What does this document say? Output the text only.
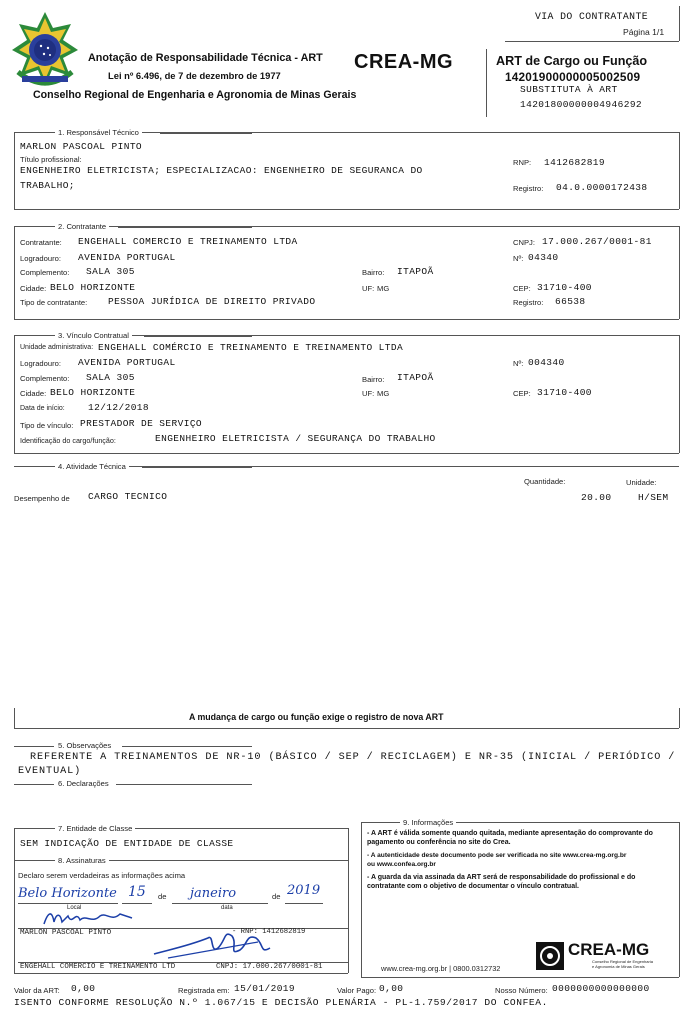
Anotação de Responsabilidade Técnica - ART
Lei nº 6.496, de 7 de dezembro de 1977
Conselho Regional de Engenharia e Agronomia de Minas Gerais
CREA-MG
VIA DO CONTRATANTE
Página 1/1
ART de Cargo ou Função
14201900000005002509
SUBSTITUTA À ART
14201800000004946292
1. Responsável Técnico
MARLON PASCOAL PINTO
Título profissional:
ENGENHEIRO ELETRICISTA; ESPECIALIZACAO: ENGENHEIRO DE SEGURANCA DO
TRABALHO;
RNP: 1412682819
Registro: 04.0.0000172438
2. Contratante
Contratante: ENGEHALL COMERCIO E TREINAMENTO LTDA	CNPJ: 17.000.267/0001-81
Logradouro: AVENIDA PORTUGAL	Nº: 04340
Complemento: SALA 305	Bairro: ITAPOÃ
Cidade: BELO HORIZONTE	UF: MG	CEP: 31710-400
Tipo de contratante: PESSOA JURÍDICA DE DIREITO PRIVADO	Registro: 66538
3. Vínculo Contratual
Unidade administrativa: ENGEHALL COMÉRCIO E TREINAMENTO E TREINAMENTO LTDA
Logradouro: AVENIDA PORTUGAL	Nº: 004340
Complemento: SALA 305	Bairro: ITAPOÃ
Cidade: BELO HORIZONTE	UF: MG	CEP: 31710-400
Data de início: 12/12/2018
Tipo de vínculo: PRESTADOR DE SERVIÇO
Identificação do cargo/função:	ENGENHEIRO ELETRICISTA / SEGURANÇA DO TRABALHO
4. Atividade Técnica
Quantidade:	Unidade:
Desempenho de CARGO TECNICO	20.00	H/SEM
A mudança de cargo ou função exige o registro de nova ART
5. Observações
REFERENTE A TREINAMENTOS DE NR-10 (BÁSICO / SEP / RECICLAGEM) E NR-35 (INICIAL / PERIÓDICO /
EVENTUAL)
6. Declarações
7. Entidade de Classe
SEM INDICAÇÃO DE ENTIDADE DE CLASSE
8. Assinaturas
Declaro serem verdadeiras as informações acima
Belo Horizonte 15 de janeiro	de 2019
Local	data
MARLON PASCOAL PINTO	- RNP: 1412682819
ENGEHALL COMERCIO E TREINAMENTO LTD	CNPJ: 17.000.267/0001-81
9. Informações
- A ART é válida somente quando quitada, mediante apresentação do comprovante do pagamento ou conferência no site do Crea.
- A autenticidade deste documento pode ser verificada no site www.crea-mg.org.br ou www.confea.org.br
- A guarda da via assinada da ART será de responsabilidade do profissional e do contratante com o objetivo de documentar o vínculo contratual.
www.crea-mg.org.br | 0800.0312732
CREA-MG
Conselho Regional de Engenharia
e Agronomia de Minas Gerais
Valor da ART: 0,00	Registrada em: 15/01/2019	Valor Pago: 0,00	Nosso Número: 0000000000000000
ISENTO CONFORME RESOLUÇÃO N.º 1.067/15 E DECISÃO PLENÁRIA - PL-1.759/2017 DO CONFEA.
